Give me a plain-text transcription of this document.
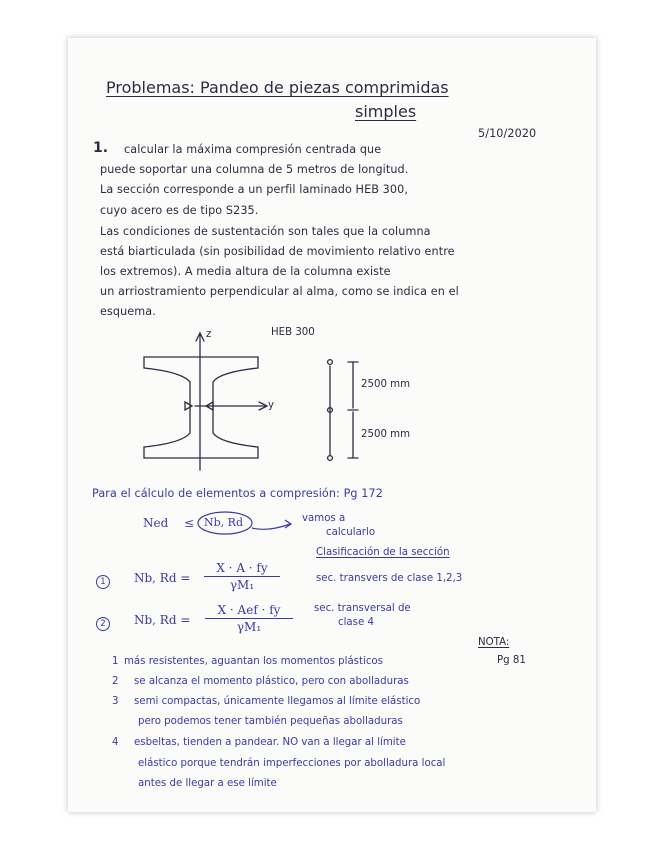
Problemas: Pandeo de piezas comprimidas
simples
5/10/2020
1. calcular la máxima compresión centrada que
puede soportar una columna de 5 metros de longitud.
La sección corresponde a un perfil laminado HEB 300,
cuyo acero es de tipo S235.
Las condiciones de sustentación son tales que la columna
está biarticulada (sin posibilidad de movimiento relativo entre
los extremos). A media altura de la columna existe
un arriostramiento perpendicular al alma, como se indica en el
esquema.
z
y
HEB 300
2500 mm
2500 mm
Para el cálculo de elementos a compresión: Pg 172
Ned ≤ Nb, Rd	vamos a
calcularlo
Clasificación de la sección
1	Nb, $Rd = \frac{X \cdot A \cdot fy}{\text{γM₁}}$	sec. transvers de clase 1,2,3
2	Nb, Rd =
X · Aef · fy
γM₁
sec. transversal de
clase 4
NOTA:
Pg 81
1 más resistentes, aguantan los momentos plásticos
2 se alcanza el momento plástico, pero con abolladuras
3 semi compactas, únicamente llegamos al límite elástico
pero podemos tener también pequeñas abolladuras
4 esbeltas, tienden a pandear. NO van a llegar al límite
elástico porque tendrán imperfecciones por abolladura local
antes de llegar a ese límite
